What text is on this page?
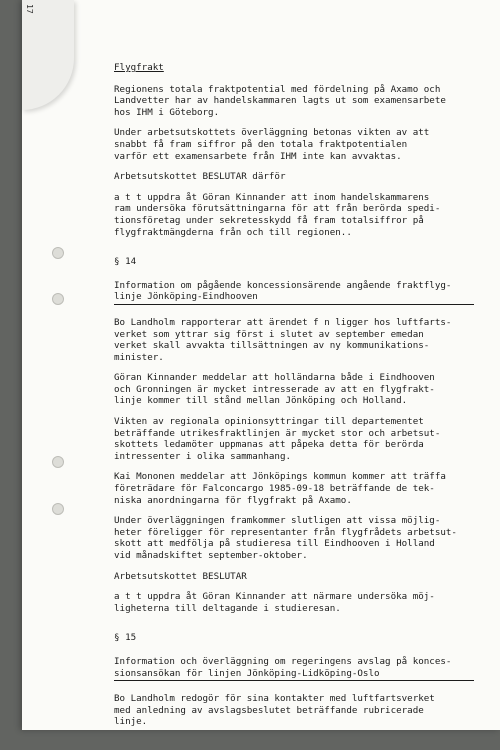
17

Flygfrakt

Regionens totala fraktpotential med fördelning på Axamo och
Landvetter har av handelskammaren lagts ut som examensarbete
hos IHM i Göteborg.

Under arbetsutskottets överläggning betonas vikten av att
snabbt få fram siffror på den totala fraktpotentialen
varför ett examensarbete från IHM inte kan avvaktas.

Arbetsutskottet BESLUTAR därför

a t t uppdra åt Göran Kinnander att inom handelskammarens
ram undersöka förutsättningarna för att från berörda spedi-
tionsföretag under sekretesskydd få fram totalsiffror på
flygfraktmängderna från och till regionen..

§ 14

Information om pågående koncessionsärende angående fraktflyg-
linje Jönköping-Eindhooven

Bo Landholm rapporterar att ärendet f n ligger hos luftfarts-
verket som yttrar sig först i slutet av september emedan
verket skall avvakta tillsättningen av ny kommunikations-
minister.

Göran Kinnander meddelar att holländarna både i Eindhooven
och Gronningen är mycket intresserade av att en flygfrakt-
linje kommer till stånd mellan Jönköping och Holland.

Vikten av regionala opinionsyttringar till departementet
beträffande utrikesfraktlinjen är mycket stor och arbetsut-
skottets ledamöter uppmanas att påpeka detta för berörda
intressenter i olika sammanhang.

Kai Mononen meddelar att Jönköpings kommun kommer att träffa
företrädare för Falconcargo 1985-09-18 beträffande de tek-
niska anordningarna för flygfrakt på Axamo.

Under överläggningen framkommer slutligen att vissa möjlig-
heter föreligger för representanter från flygfrådets arbetsut-
skott att medfölja på studieresa till Eindhooven i Holland
vid månadskiftet september-oktober.

Arbetsutskottet BESLUTAR

a t t uppdra åt Göran Kinnander att närmare undersöka möj-
ligheterna till deltagande i studieresan.

§ 15

Information och överläggning om regeringens avslag på konces-
sionsansökan för linjen Jönköping-Lidköping-Oslo

Bo Landholm redogör för sina kontakter med luftfartsverket
med anledning av avslagsbeslutet beträffande rubricerade
linje.
